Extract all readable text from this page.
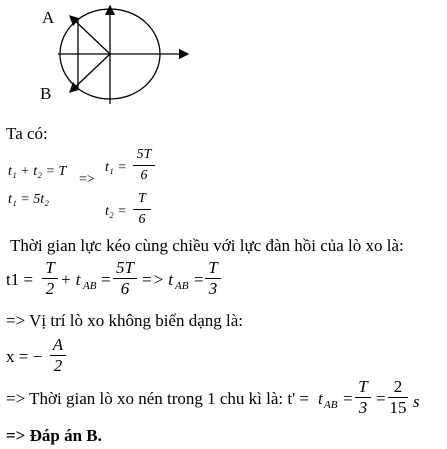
A
B
Ta có:
t₁ + t₂ = T
=>
t₁ = 5t₂
t₁ =
5T
6
t₂ =
T
6
Thời gian lực kéo cùng chiều với lực đàn hồi của lò xo là:
t1 =
T
2 + t AB =
5T
6 => t AB =
T
3
=> Vị trí lò xo không biến dạng là:
x = −
A
2
=> Thời gian lò xo nén trong 1 chu kì là: t' = t AB =
T
3 =
2
15 s
=> Đáp án B.
